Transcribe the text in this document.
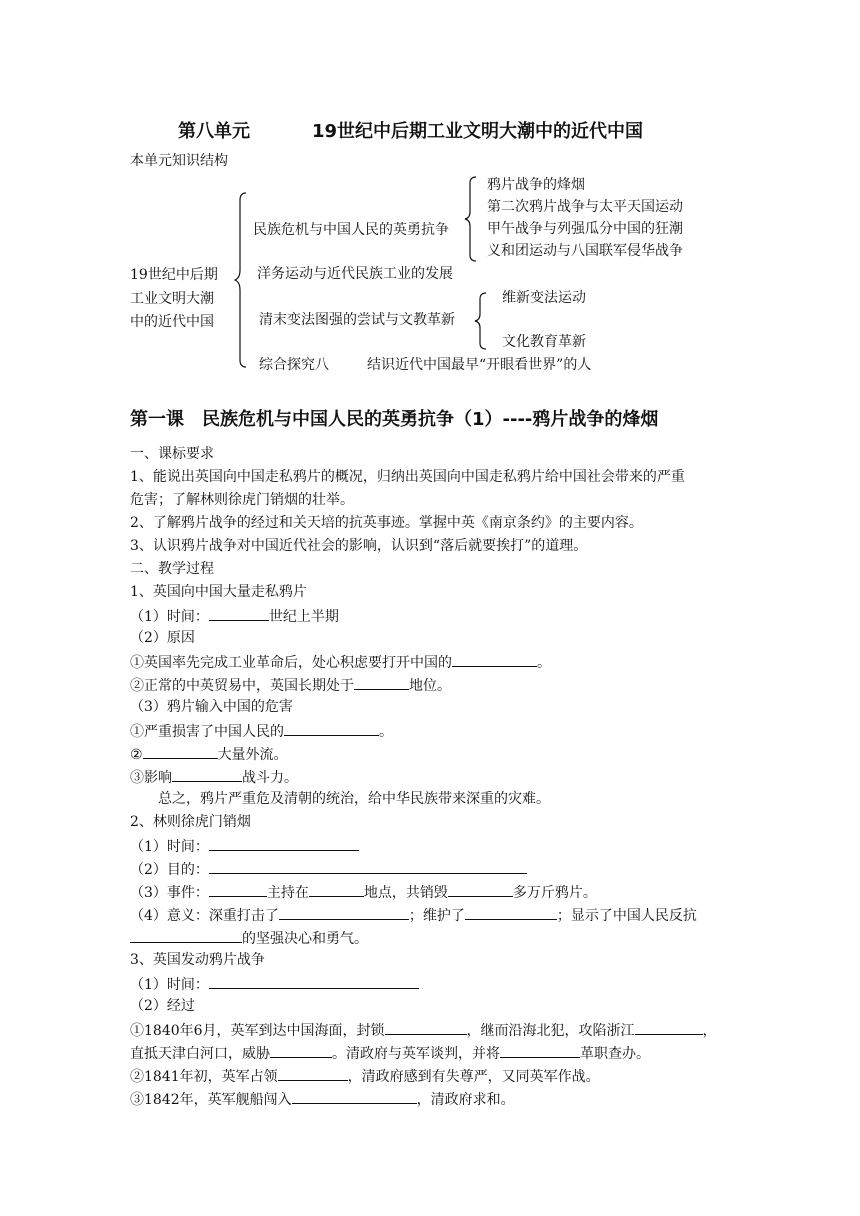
第八单元	19世纪中后期工业文明大潮中的近代中国
本单元知识结构
19世纪中后期
工业文明大潮
中的近代中国
民族危机与中国人民的英勇抗争
鸦片战争的烽烟
第二次鸦片战争与太平天国运动
甲午战争与列强瓜分中国的狂潮
义和团运动与八国联军侵华战争
洋务运动与近代民族工业的发展
清末变法图强的尝试与文教革新
维新变法运动
文化教育革新
综合探究八	结识近代中国最早“开眼看世界”的人
第一课　民族危机与中国人民的英勇抗争（1）----鸦片战争的烽烟
一、课标要求
1、能说出英国向中国走私鸦片的概况，归纳出英国向中国走私鸦片给中国社会带来的严重
危害；了解林则徐虎门销烟的壮举。
2、了解鸦片战争的经过和关天培的抗英事迹。掌握中英《南京条约》的主要内容。
3、认识鸦片战争对中国近代社会的影响，认识到“落后就要挨打”的道理。
二、教学过程
1、英国向中国大量走私鸦片
（1）时间：	世纪上半期
（2）原因
①英国率先完成工业革命后，处心积虑要打开中国的	。
②正常的中英贸易中，英国长期处于	地位。
（3）鸦片输入中国的危害
①严重损害了中国人民的	。
②	大量外流。
③影响	战斗力。
总之，鸦片严重危及清朝的统治，给中华民族带来深重的灾难。
2、林则徐虎门销烟
（1）时间：
（2）目的：
（3）事件：	主持在	地点，共销毁	多万斤鸦片。
（4）意义：深重打击了	；维护了	；显示了中国人民反抗
的坚强决心和勇气。
3、英国发动鸦片战争
（1）时间：
（2）经过
①1840年6月，英军到达中国海面，封锁	，继而沿海北犯，攻陷浙江	，
直抵天津白河口，威胁	。清政府与英军谈判，并将	革职查办。
②1841年初，英军占领	，清政府感到有失尊严，又同英军作战。
③1842年，英军舰船闯入	，清政府求和。
